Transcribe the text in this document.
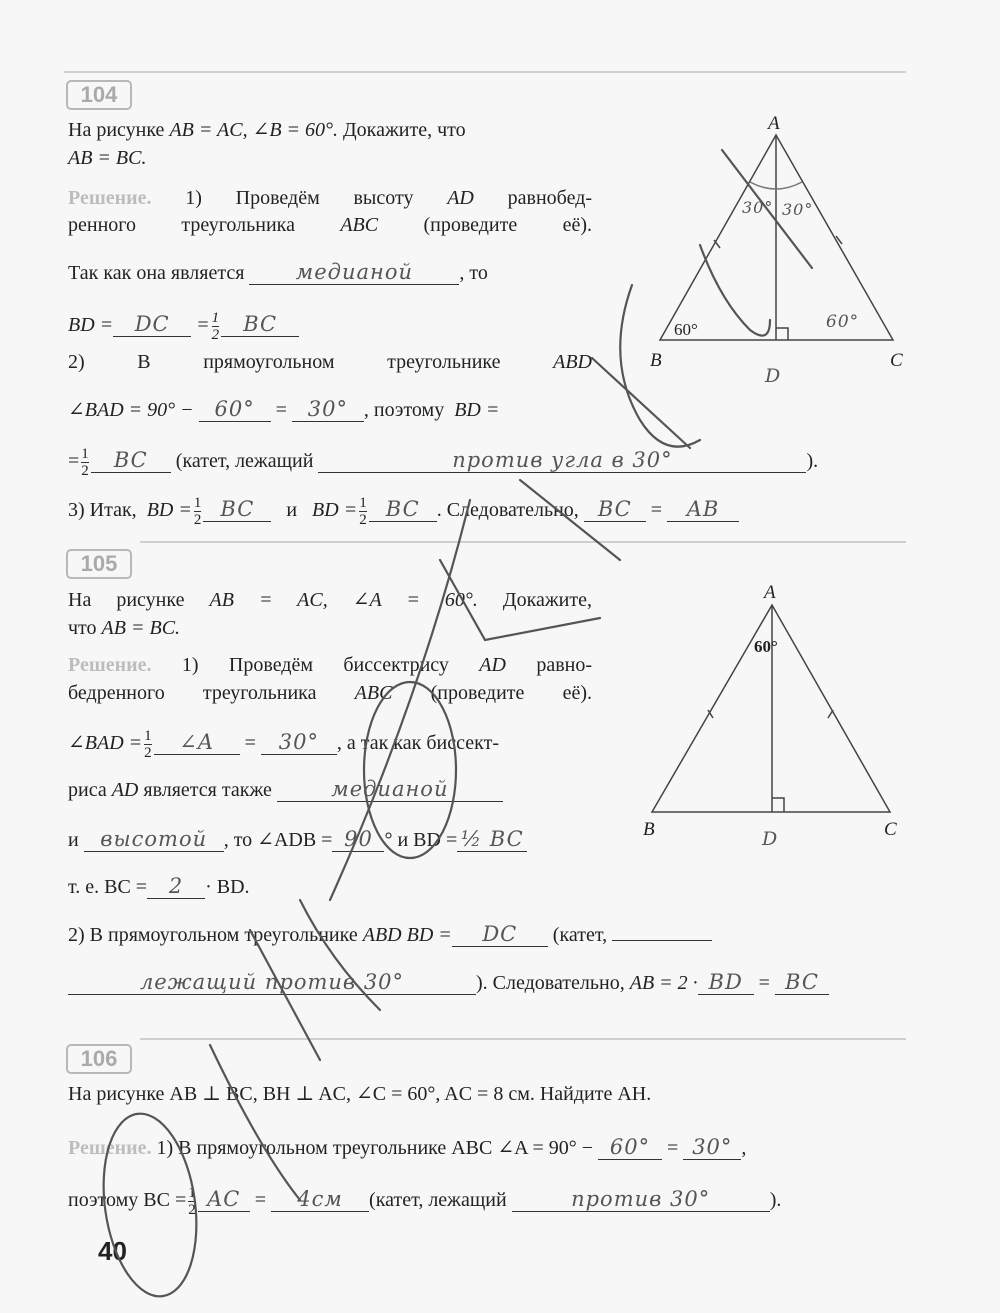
104
На рисунке AB = AC, ∠B = 60°. Докажите, что
AB = BC.
Решение. 1) Проведём высоту AD равнобед-
ренного треугольника ABC (проведите её).
Так как она является медианой , то
BD = DC = $\frac{1}{2}$ BC
2) В	прямоугольном	треугольнике	ABD
∠BAD = 90° − 60° = 30° , поэтому BD =
= $\frac{1}{2}$ BC (катет, лежащий	против угла в 30°	).
3) Итак, BD = $\frac{1}{2}$ BC и BD = $\frac{1}{2}$ BC . Следовательно, BC = AB
105
На рисунке AB = AC, ∠A = 60°. Докажите,
что AB = BC.
Решение. 1) Проведём биссектрису AD равно-
бедренного треугольника ABC (проведите её).
∠BAD = $\frac{1}{2}$ ∠A = 30° , а так как биссект-
риса AD является также	медианой
и высотой , то ∠ADB = 90 ° и BD = ½ BC
т. е. BC = 2 · BD.
2) В прямоугольном треугольнике ABD BD = DC (катет,
лежащий против 30°	). Следовательно, AB = 2 · BD = BC
106
На рисунке AB ⊥ BC, BH ⊥ AC, ∠C = 60°, AC = 8 см. Найдите AH.
Решение. 1) В прямоугольном треугольнике ABC ∠A = 90° − 60° = 30° ,
поэтому BC = $\frac{1}{2}$ AC = 4см (катет, лежащий	против 30°	).
40
A
B	C
D
60°	60°
30° 30°
A
B	C
D
60°
